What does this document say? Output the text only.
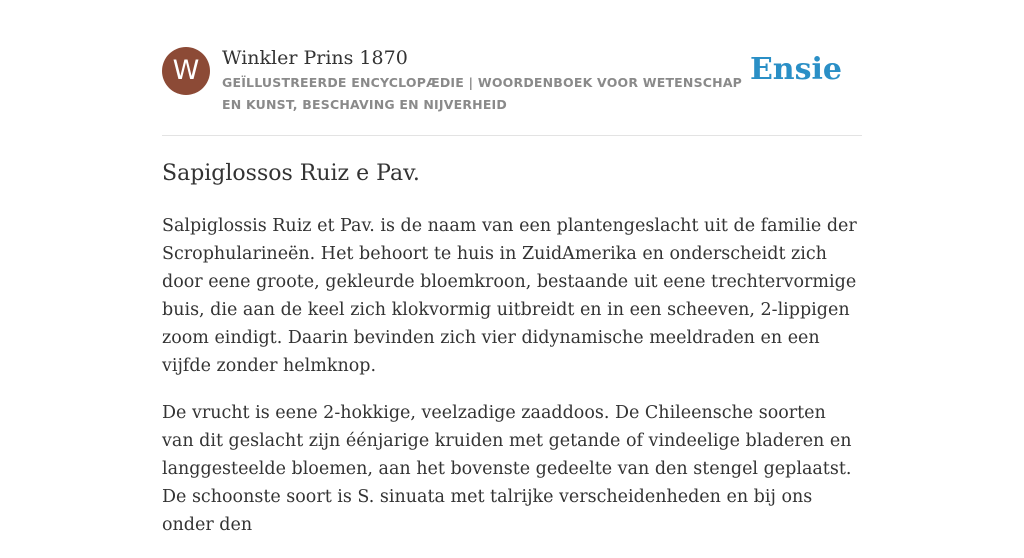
W	Winkler Prins 1870
GEÏLLUSTREERDE ENCYCLOPÆDIE | WOORDENBOEK VOOR WETENSCHAP EN KUNST, BESCHAVING EN NIJVERHEID
Ensie
Sapiglossos Ruiz e Pav.

Salpiglossis Ruiz et Pav. is de naam van een plantengeslacht uit de familie der Scrophularineën. Het behoort te huis in ZuidAmerika en onderscheidt zich door eene groote, gekleurde bloemkroon, bestaande uit eene trechtervormige buis, die aan de keel zich klokvormig uitbreidt en in een scheeven, 2-lippigen zoom eindigt. Daarin bevinden zich vier didynamische meeldraden en een vijfde zonder helmknop.

De vrucht is eene 2-hokkige, veelzadige zaaddoos. De Chileensche soorten van dit geslacht zijn éénjarige kruiden met getande of vindeelige bladeren en langgesteelde bloemen, aan het bovenste gedeelte van den stengel geplaatst. De schoonste soort is S. sinuata met talrijke verscheidenheden en bij ons onder den
